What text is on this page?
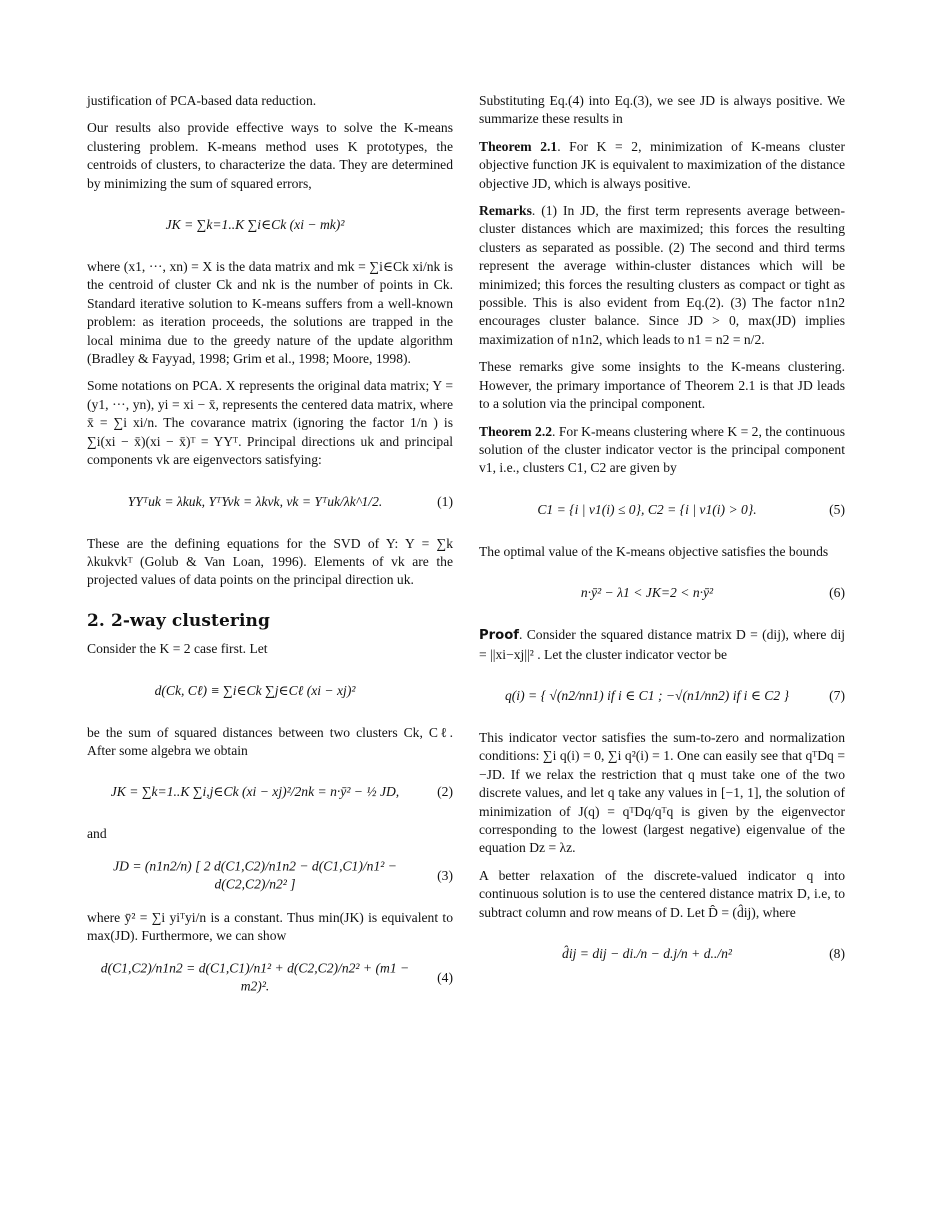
justification of PCA-based data reduction.

Our results also provide effective ways to solve the K-means clustering problem. K-means method uses K prototypes, the centroids of clusters, to characterize the data. They are determined by minimizing the sum of squared errors,

JK = ∑k=1..K ∑i∈Ck (xi − mk)²

where (x1, ···, xn) = X is the data matrix and mk = ∑i∈Ck xi/nk is the centroid of cluster Ck and nk is the number of points in Ck. Standard iterative solution to K-means suffers from a well-known problem: as iteration proceeds, the solutions are trapped in the local minima due to the greedy nature of the update algorithm (Bradley & Fayyad, 1998; Grim et al., 1998; Moore, 1998).

Some notations on PCA. X represents the original data matrix; Y = (y1, ···, yn), yi = xi − x̄, represents the centered data matrix, where x̄ = ∑i xi/n. The covarance matrix (ignoring the factor 1/n ) is ∑i(xi − x̄)(xi − x̄)ᵀ = YYᵀ. Principal directions uk and principal components vk are eigenvectors satisfying:

YYᵀuk = λkuk, YᵀYvk = λkvk, vk = Yᵀuk/λk^1/2.	(1)

These are the defining equations for the SVD of Y: Y = ∑k λkukvkᵀ (Golub & Van Loan, 1996). Elements of vk are the projected values of data points on the principal direction uk.

2. 2-way clustering

Consider the K = 2 case first. Let

d(Ck, Cℓ) ≡ ∑i∈Ck ∑j∈Cℓ (xi − xj)²

be the sum of squared distances between two clusters Ck, Cℓ. After some algebra we obtain

JK = ∑k=1..K ∑i,j∈Ck (xi − xj)²/2nk = n·ȳ² − ½ JD,	(2)

and

JD = (n1n2/n) [ 2 d(C1,C2)/n1n2 − d(C1,C1)/n1² − d(C2,C2)/n2² ]
(3)

where ȳ² = ∑i yiᵀyi/n is a constant. Thus min(JK) is equivalent to max(JD). Furthermore, we can show

d(C1,C2)/n1n2 = d(C1,C1)/n1² + d(C2,C2)/n2² + (m1 − m2)².
(4)

Substituting Eq.(4) into Eq.(3), we see JD is always positive. We summarize these results in

Theorem 2.1. For K = 2, minimization of K-means cluster objective function JK is equivalent to maximization of the distance objective JD, which is always positive.

Remarks. (1) In JD, the first term represents average between-cluster distances which are maximized; this forces the resulting clusters as separated as possible. (2) The second and third terms represent the average within-cluster distances which will be minimized; this forces the resulting clusters as compact or tight as possible. This is also evident from Eq.(2). (3) The factor n1n2 encourages cluster balance. Since JD > 0, max(JD) implies maximization of n1n2, which leads to n1 = n2 = n/2.

These remarks give some insights to the K-means clustering. However, the primary importance of Theorem 2.1 is that JD leads to a solution via the principal component.

Theorem 2.2. For K-means clustering where K = 2, the continuous solution of the cluster indicator vector is the principal component v1, i.e., clusters C1, C2 are given by

C1 = {i | v1(i) ≤ 0}, C2 = {i | v1(i) > 0}.	(5)

The optimal value of the K-means objective satisfies the bounds

n·ȳ² − λ1 < JK=2 < n·ȳ²	(6)

Proof. Consider the squared distance matrix D = (dij), where dij = ||xi−xj||² . Let the cluster indicator vector be

q(i) = { √(n2/nn1) if i ∈ C1 ; −√(n1/nn2) if i ∈ C2 }	(7)

This indicator vector satisfies the sum-to-zero and normalization conditions: ∑i q(i) = 0, ∑i q²(i) = 1. One can easily see that qᵀDq = −JD. If we relax the restriction that q must take one of the two discrete values, and let q take any values in [−1, 1], the solution of minimization of J(q) = qᵀDq/qᵀq is given by the eigenvector corresponding to the lowest (largest negative) eigenvalue of the equation Dz = λz.

A better relaxation of the discrete-valued indicator q into continuous solution is to use the centered distance matrix D, i.e, to subtract column and row means of D. Let D̂ = (d̂ij), where

d̂ij = dij − di./n − d.j/n + d../n²	(8)
